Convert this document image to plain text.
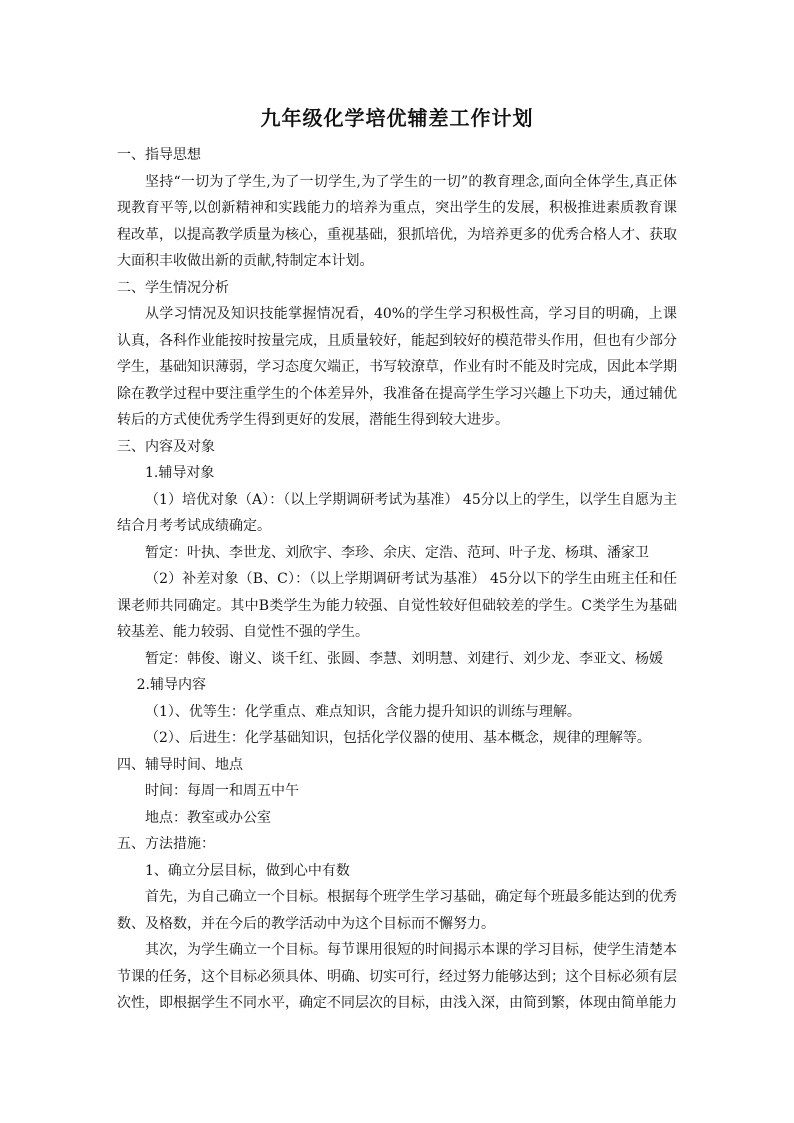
九年级化学培优辅差工作计划

一、指导思想

坚持“一切为了学生,为了一切学生,为了学生的一切”的教育理念,面向全体学生,真正体现教育平等,以创新精神和实践能力的培养为重点，突出学生的发展，积极推进素质教育课程改革，以提高教学质量为核心，重视基础，狠抓培优，为培养更多的优秀合格人才、获取大面积丰收做出新的贡献,特制定本计划。

二、学生情况分析

从学习情况及知识技能掌握情况看，40%的学生学习积极性高，学习目的明确，上课认真，各科作业能按时按量完成，且质量较好，能起到较好的模范带头作用，但也有少部分学生，基础知识薄弱，学习态度欠端正，书写较潦草，作业有时不能及时完成，因此本学期除在教学过程中要注重学生的个体差异外，我准备在提高学生学习兴趣上下功夫，通过辅优转后的方式使优秀学生得到更好的发展，潜能生得到较大进步。

三、内容及对象

1.辅导对象

（1）培优对象（A）：（以上学期调研考试为基准） 45分以上的学生，以学生自愿为主结合月考考试成绩确定。

暂定：叶执、李世龙、刘欣宇、李珍、余庆、定浩、范珂、叶子龙、杨琪、潘家卫

（2）补差对象（B、C）：（以上学期调研考试为基准） 45分以下的学生由班主任和任课老师共同确定。其中B类学生为能力较强、自觉性较好但础较差的学生。C类学生为基础较基差、能力较弱、自觉性不强的学生。

暂定：韩俊、谢义、谈千红、张圆、李慧、刘明慧、刘建行、刘少龙、李亚文、杨媛

2.辅导内容

（1）、优等生：化学重点、难点知识，含能力提升知识的训练与理解。

（2）、后进生：化学基础知识，包括化学仪器的使用、基本概念，规律的理解等。

四、辅导时间、地点

时间：每周一和周五中午

地点：教室或办公室

五、方法措施：

1、确立分层目标，做到心中有数

首先，为自己确立一个目标。根据每个班学生学习基础，确定每个班最多能达到的优秀数、及格数，并在今后的教学活动中为这个目标而不懈努力。

其次，为学生确立一个目标。每节课用很短的时间揭示本课的学习目标，使学生清楚本节课的任务，这个目标必须具体、明确、切实可行，经过努力能够达到；这个目标必须有层次性，即根据学生不同水平，确定不同层次的目标，由浅入深，由简到繁，体现由简单能力
